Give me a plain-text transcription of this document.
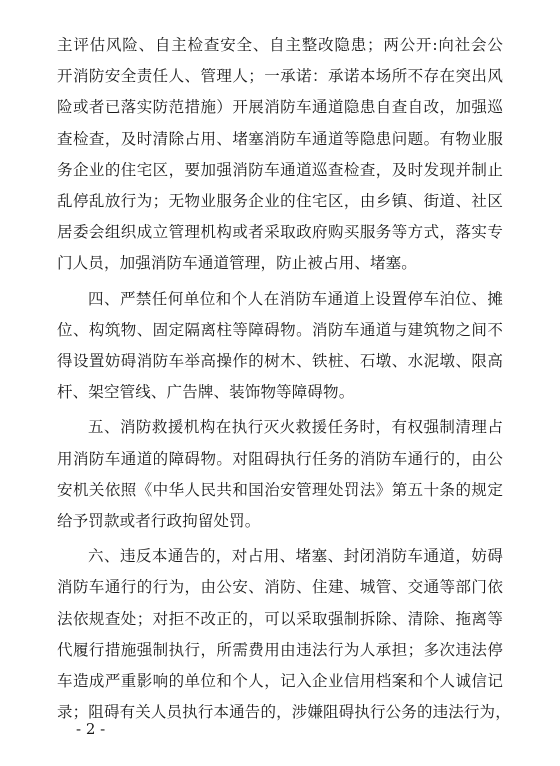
主评估风险、自主检查安全、自主整改隐患；两公开:向社会公
开消防安全责任人、管理人；一承诺：承诺本场所不存在突出风
险或者已落实防范措施）开展消防车通道隐患自查自改，加强巡
查检查，及时清除占用、堵塞消防车通道等隐患问题。有物业服
务企业的住宅区，要加强消防车通道巡查检查，及时发现并制止
乱停乱放行为；无物业服务企业的住宅区，由乡镇、街道、社区
居委会组织成立管理机构或者采取政府购买服务等方式，落实专
门人员，加强消防车通道管理，防止被占用、堵塞。

四、严禁任何单位和个人在消防车通道上设置停车泊位、摊
位、构筑物、固定隔离柱等障碍物。消防车通道与建筑物之间不
得设置妨碍消防车举高操作的树木、铁桩、石墩、水泥墩、限高
杆、架空管线、广告牌、装饰物等障碍物。

五、消防救援机构在执行灭火救援任务时，有权强制清理占
用消防车通道的障碍物。对阻碍执行任务的消防车通行的，由公
安机关依照《中华人民共和国治安管理处罚法》第五十条的规定
给予罚款或者行政拘留处罚。

六、违反本通告的，对占用、堵塞、封闭消防车通道，妨碍
消防车通行的行为，由公安、消防、住建、城管、交通等部门依
法依规查处；对拒不改正的，可以采取强制拆除、清除、拖离等
代履行措施强制执行，所需费用由违法行为人承担；多次违法停
车造成严重影响的单位和个人，记入企业信用档案和个人诚信记
录；阻碍有关人员执行本通告的，涉嫌阻碍执行公务的违法行为，

- 2 -
